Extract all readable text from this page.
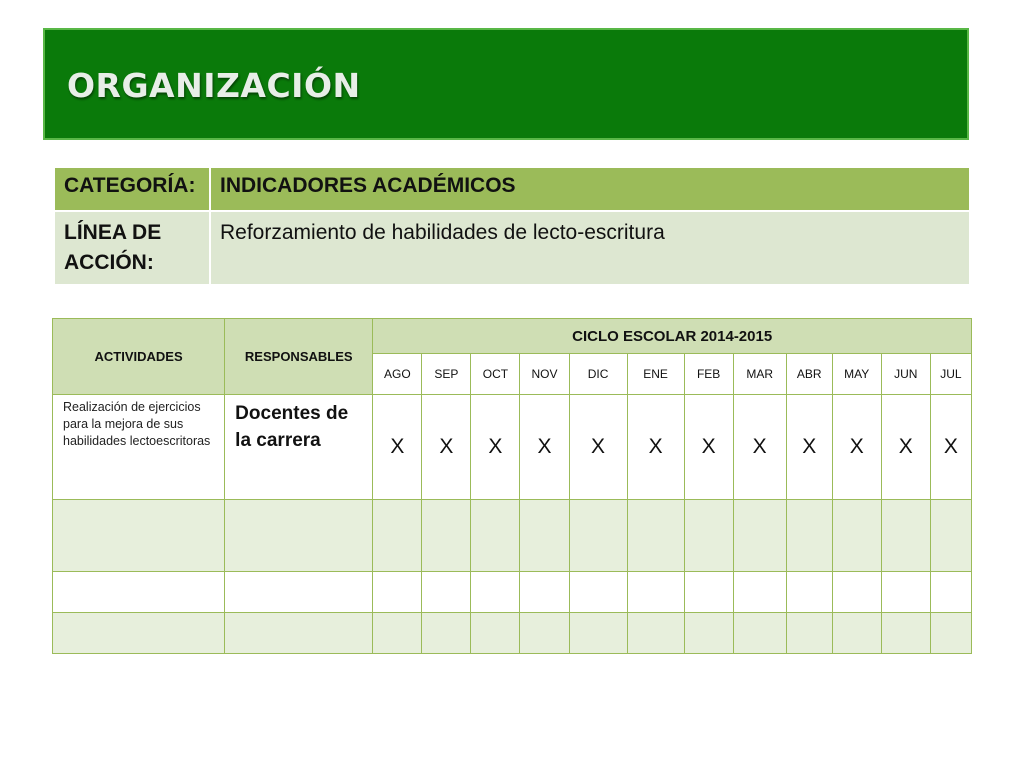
ORGANIZACIÓN
CATEGORÍA:	INDICADORES ACADÉMICOS
LÍNEA DE ACCIÓN:	Reforzamiento de habilidades de lecto-escritura
ACTIVIDADES	RESPONSABLES	CICLO ESCOLAR 2014-2015											
		AGO	SEP	OCT	NOV	DIC	ENE	FEB	MAR	ABR	MAY	JUN	JUL
Realización de ejercicios para la mejora de sus habilidades lectoescritoras	Docentes de la carrera	X	X	X	X	X	X	X	X	X	X	X	X
